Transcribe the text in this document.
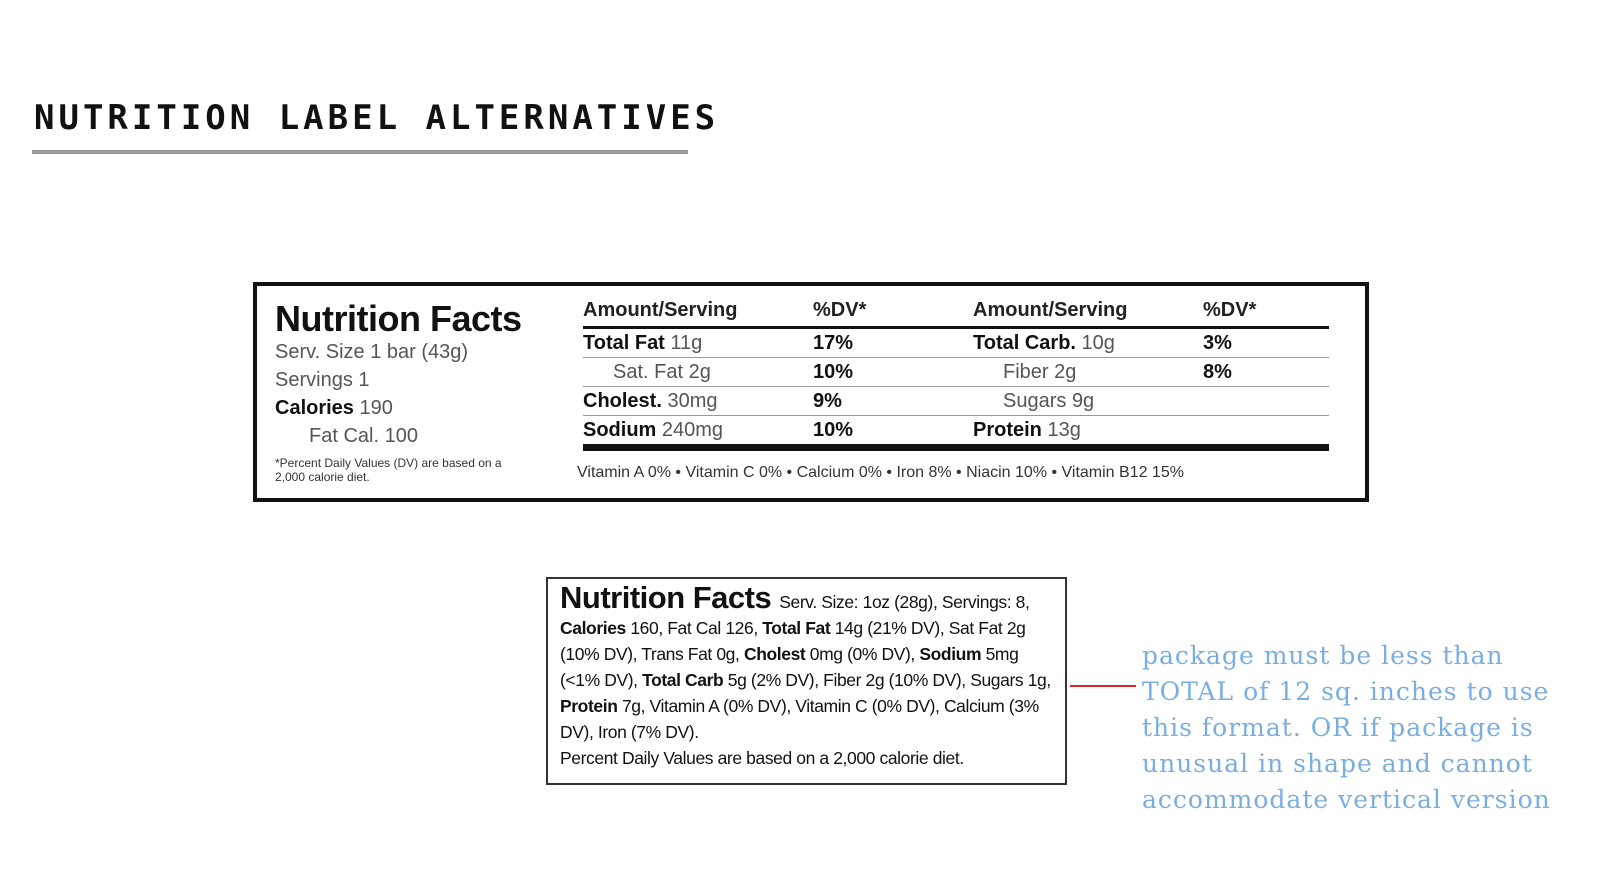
NUTRITION LABEL ALTERNATIVES
Nutrition Facts
Serv. Size 1 bar (43g)
Servings 1
Calories 190
Fat Cal. 100
*Percent Daily Values (DV) are based on a 2,000 calorie diet.
Amount/Serving	%DV*	Amount/Serving	%DV*
Total Fat 11g	17%	Total Carb. 10g	3%
Sat. Fat 2g	10%	Fiber 2g	8%
Cholest. 30mg	9%	Sugars 9g
Sodium 240mg	10%	Protein 13g
Vitamin A 0% • Vitamin C 0% • Calcium 0% • Iron 8% • Niacin 10% • Vitamin B12 15%
Nutrition Facts Serv. Size: 1oz (28g), Servings: 8, Calories 160, Fat Cal 126, Total Fat 14g (21% DV), Sat Fat 2g (10% DV), Trans Fat 0g, Cholest 0mg (0% DV), Sodium 5mg (<1% DV), Total Carb 5g (2% DV), Fiber 2g (10% DV), Sugars 1g, Protein 7g, Vitamin A (0% DV), Vitamin C (0% DV), Calcium (3% DV), Iron (7% DV).
Percent Daily Values are based on a 2,000 calorie diet.
package must be less than
TOTAL of 12 sq. inches to use
this format. OR if package is
unusual in shape and cannot
accommodate vertical version
